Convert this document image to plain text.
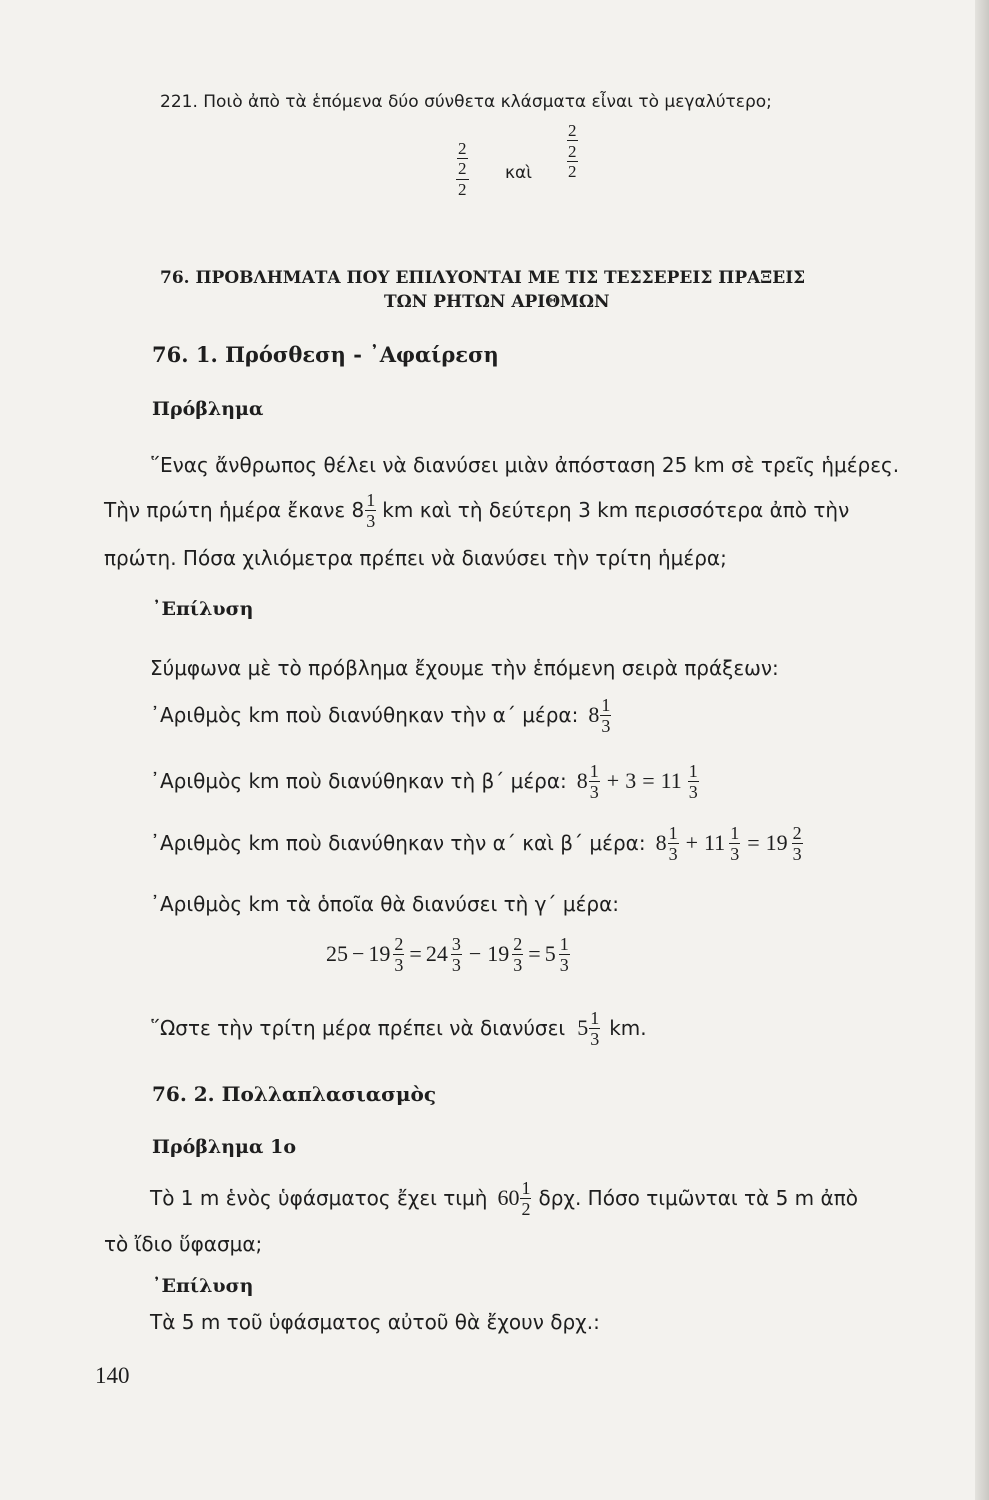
221. Ποιὸ ἀπὸ τὰ ἑπόμενα δύο σύνθετα κλάσματα εἶναι τὸ μεγαλύτερο;
$\frac{\frac{2}{2}}{2}$ καὶ $\frac{2}{\frac{2}{2}}$
76. ΠΡΟΒΛΗΜΑΤΑ ΠΟΥ ΕΠΙΛΥΟΝΤΑΙ ΜΕ ΤΙΣ ΤΕΣΣΕΡΕΙΣ ΠΡΑΞΕΙΣ
ΤΩΝ ΡΗΤΩΝ ΑΡΙΘΜΩΝ
76. 1. Πρόσθεση - ᾿Αφαίρεση
Πρόβλημα
῞Ενας ἄνθρωπος θέλει νὰ διανύσει μιὰν ἀπόσταση 25 km σὲ τρεῖς ἡμέρες.
Τὴν πρώτη ἡμέρα ἔκανε $8 \frac{1}{3}$ km καὶ τὴ δεύτερη 3 km περισσότερα ἀπὸ τὴν
πρώτη. Πόσα χιλιόμετρα πρέπει νὰ διανύσει τὴν τρίτη ἡμέρα;
᾿Επίλυση
Σύμφωνα μὲ τὸ πρόβλημα ἔχουμε τὴν ἑπόμενη σειρὰ πράξεων:
᾿Αριθμὸς km ποὺ διανύθηκαν τὴν α΄ μέρα: $8 \frac{1}{3}$
᾿Αριθμὸς km ποὺ διανύθηκαν τὴ β΄ μέρα: $8 \frac{1}{3} + 3 = 11 \frac{1}{3}$
᾿Αριθμὸς km ποὺ διανύθηκαν τὴν α΄ καὶ β΄ μέρα: $8 \frac{1}{3} + 11 \frac{1}{3} = 19 \frac{2}{3}$
᾿Αριθμὸς km τὰ ὁποῖα θὰ διανύσει τὴ γ΄ μέρα:
$25 - 19 \frac{2}{3} = 24 \frac{3}{3} - 19 \frac{2}{3} = 5 \frac{1}{3}$
῞Ωστε τὴν τρίτη μέρα πρέπει νὰ διανύσει $5 \frac{1}{3}$ km.
76. 2. Πολλαπλασιασμὸς
Πρόβλημα 1ο
Τὸ 1 m ἑνὸς ὑφάσματος ἔχει τιμὴ $60 \frac{1}{2} \delta\rho\chi$. Πόσο τιμῶνται τὰ 5 m ἀπὸ
τὸ ἴδιο ὕφασμα;
᾿Επίλυση
Τὰ 5 m τοῦ ὑφάσματος αὐτοῦ θὰ ἔχουν δρχ.:
140
